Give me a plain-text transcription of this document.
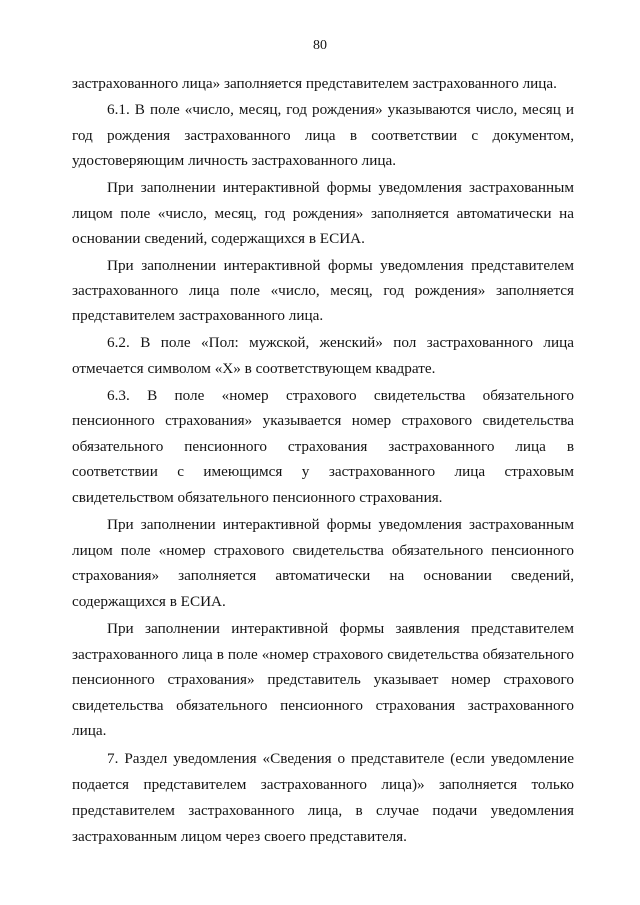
80
застрахованного лица» заполняется представителем застрахованного лица.
6.1. В поле «число, месяц, год рождения» указываются число, месяц и
год рождения застрахованного лица в соответствии с документом,
удостоверяющим личность застрахованного лица.
При заполнении интерактивной формы уведомления застрахованным
лицом поле «число, месяц, год рождения» заполняется автоматически на
основании сведений, содержащихся в ЕСИА.
При заполнении интерактивной формы уведомления представителем
застрахованного лица поле «число, месяц, год рождения» заполняется
представителем застрахованного лица.
6.2. В поле «Пол: мужской, женский» пол застрахованного лица
отмечается символом «X» в соответствующем квадрате.
6.3. В поле «номер страхового свидетельства обязательного
пенсионного страхования» указывается номер страхового свидетельства
обязательного пенсионного страхования застрахованного лица в
соответствии с имеющимся у застрахованного лица страховым
свидетельством обязательного пенсионного страхования.
При заполнении интерактивной формы уведомления застрахованным
лицом поле «номер страхового свидетельства обязательного пенсионного
страхования» заполняется автоматически на основании сведений,
содержащихся в ЕСИА.
При заполнении интерактивной формы заявления представителем
застрахованного лица в поле «номер страхового свидетельства обязательного
пенсионного страхования» представитель указывает номер страхового
свидетельства обязательного пенсионного страхования застрахованного
лица.
7. Раздел уведомления «Сведения о представителе (если уведомление
подается представителем застрахованного лица)» заполняется только
представителем застрахованного лица, в случае подачи уведомления
застрахованным лицом через своего представителя.
